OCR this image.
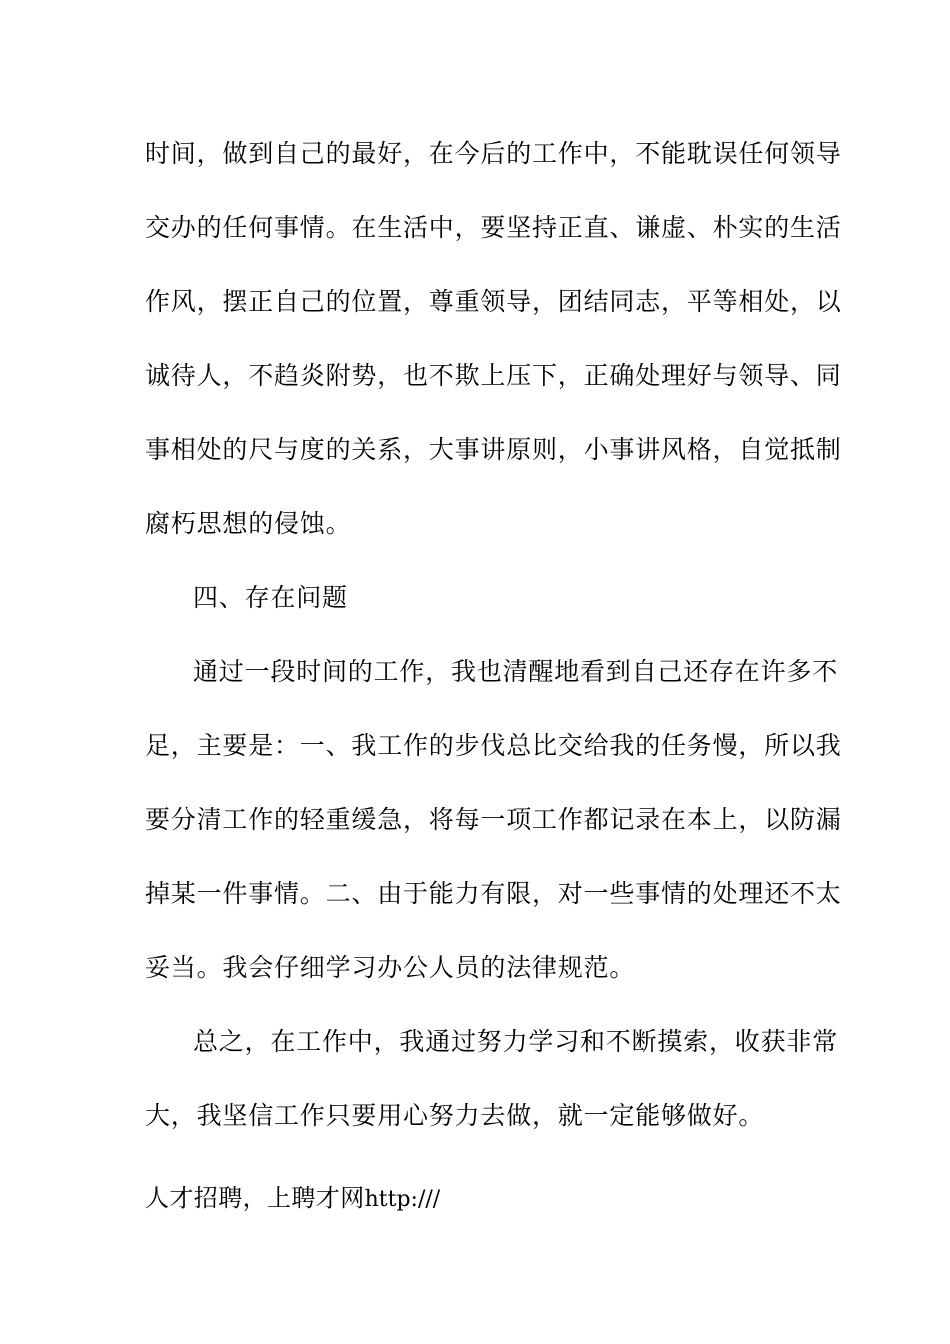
时间，做到自己的最好，在今后的工作中，不能耽误任何领导
交办的任何事情。在生活中，要坚持正直、谦虚、朴实的生活
作风，摆正自己的位置，尊重领导，团结同志，平等相处，以
诚待人，不趋炎附势，也不欺上压下，正确处理好与领导、同
事相处的尺与度的关系，大事讲原则，小事讲风格，自觉抵制
腐朽思想的侵蚀。
四、存在问题
通过一段时间的工作，我也清醒地看到自己还存在许多不
足，主要是：一、我工作的步伐总比交给我的任务慢，所以我
要分清工作的轻重缓急，将每一项工作都记录在本上，以防漏
掉某一件事情。二、由于能力有限，对一些事情的处理还不太
妥当。我会仔细学习办公人员的法律规范。
总之，在工作中，我通过努力学习和不断摸索，收获非常
大，我坚信工作只要用心努力去做，就一定能够做好。
人才招聘，上聘才网http:///
